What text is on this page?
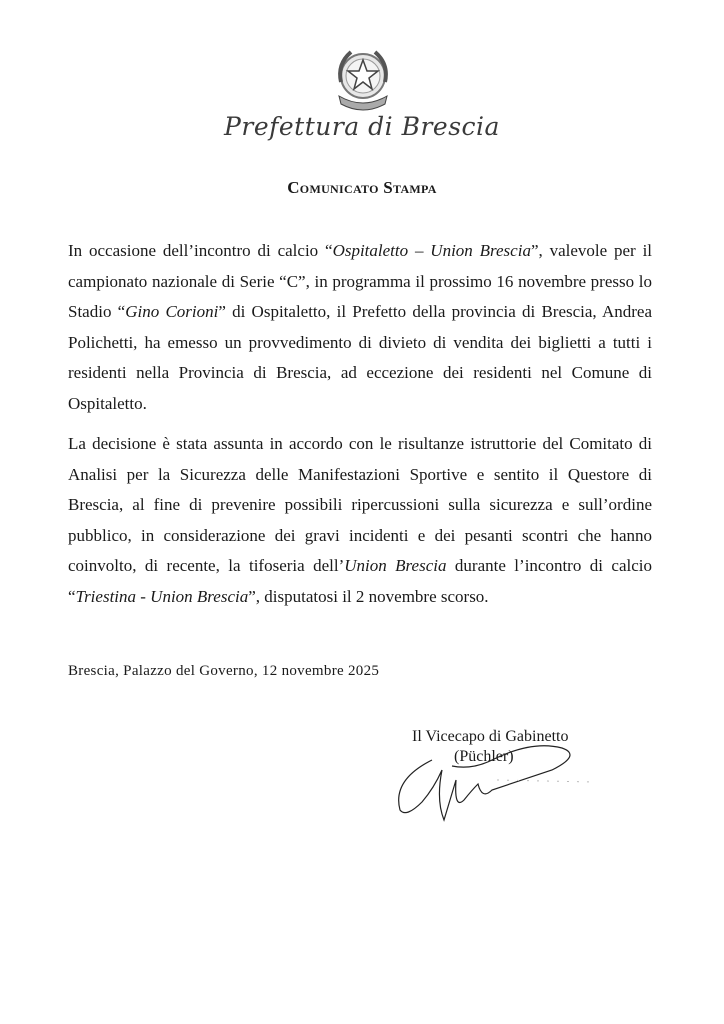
Prefettura di Brescia
Comunicato Stampa

In occasione dell’incontro di calcio “Ospitaletto – Union Brescia”, valevole per il campionato nazionale di Serie “C”, in programma il prossimo 16 novembre presso lo Stadio “Gino Corioni” di Ospitaletto, il Prefetto della provincia di Brescia, Andrea Polichetti, ha emesso un provvedimento di divieto di vendita dei biglietti a tutti i residenti nella Provincia di Brescia, ad eccezione dei residenti nel Comune di Ospitaletto.

La decisione è stata assunta in accordo con le risultanze istruttorie del Comitato di Analisi per la Sicurezza delle Manifestazioni Sportive e sentito il Questore di Brescia, al fine di prevenire possibili ripercussioni sulla sicurezza e sull’ordine pubblico, in considerazione dei gravi incidenti e dei pesanti scontri che hanno coinvolto, di recente, la tifoseria dell’Union Brescia durante l’incontro di calcio “Triestina - Union Brescia”, disputatosi il 2 novembre scorso.

Brescia, Palazzo del Governo, 12 novembre 2025
Il Vicecapo di Gabinetto
(Püchler)
